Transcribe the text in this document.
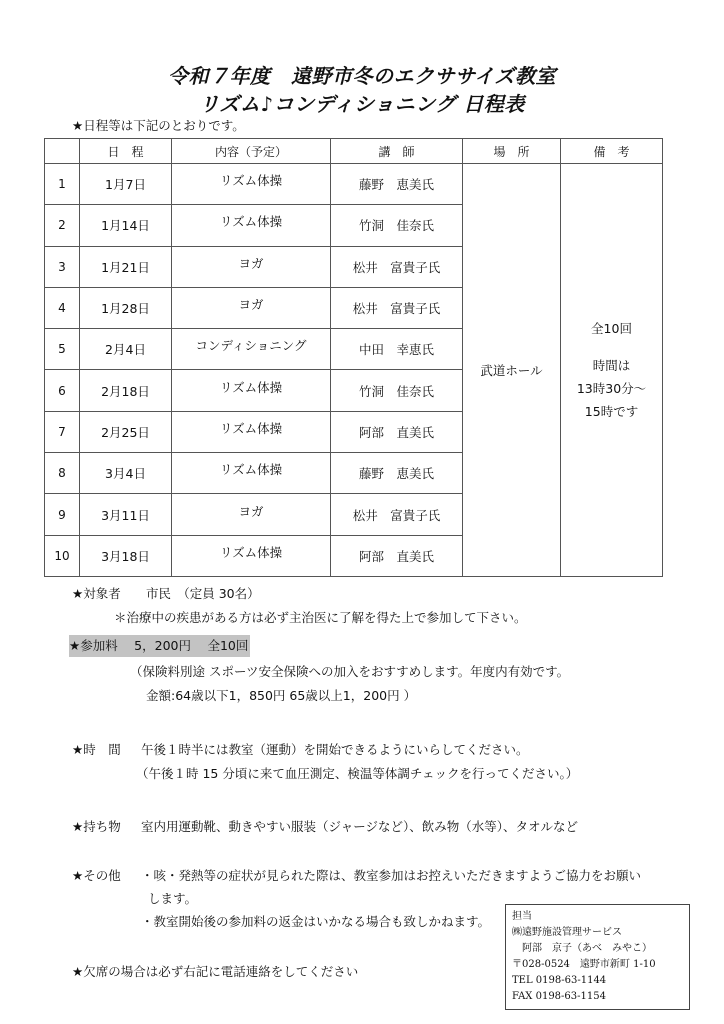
令和７年度　遠野市冬のエクササイズ教室
リズム♪コンディショニング 日程表
★日程等は下記のとおりです。
	日　程	内容（予定）	講　師	場　所	備　考
1	1月7日	リズム体操	藤野　恵美氏	武道ホール	全10回
時間は
13時30分～
15時です

2	1月14日	リズム体操	竹洞　佳奈氏		
3	1月21日	ヨガ	松井　富貴子氏		
4	1月28日	ヨガ	松井　富貴子氏		
5	2月4日	コンディショニング	中田　幸恵氏		
6	2月18日	リズム体操	竹洞　佳奈氏		
7	2月25日	リズム体操	阿部　直美氏		
8	3月4日	リズム体操	藤野　恵美氏		
9	3月11日	ヨガ	松井　富貴子氏		
10	3月18日	リズム体操	阿部　直美氏		
★対象者 市民　（定員 30名）
＊治療中の疾患がある方は必ず主治医に了解を得た上で参加して下さい。
★参加料　 5，200円　 全10回
（保険料別途 スポーツ安全保険への加入をおすすめします。年度内有効です。
金額:64歳以下1，850円 65歳以上1，200円 ）
★時　間 午後１時半には教室（運動）を開始できるようにいらしてください。
（午後１時 15 分頃に来て血圧測定、検温等体調チェックを行ってください。）
★持ち物 室内用運動靴、動きやすい服装（ジャージなど）、飲み物（水等）、タオルなど
★その他 ・咳・発熱等の症状が見られた際は、教室参加はお控えいただきますようご協力をお願い
します。
・教室開始後の参加料の返金はいかなる場合も致しかねます。
★欠席の場合は必ず右記に電話連絡をしてください
担当
㈱遠野施設管理サービス
阿部　京子（あべ　みやこ）
〒028-0524　遠野市新町 1-10
TEL 0198-63-1144
FAX 0198-63-1154
